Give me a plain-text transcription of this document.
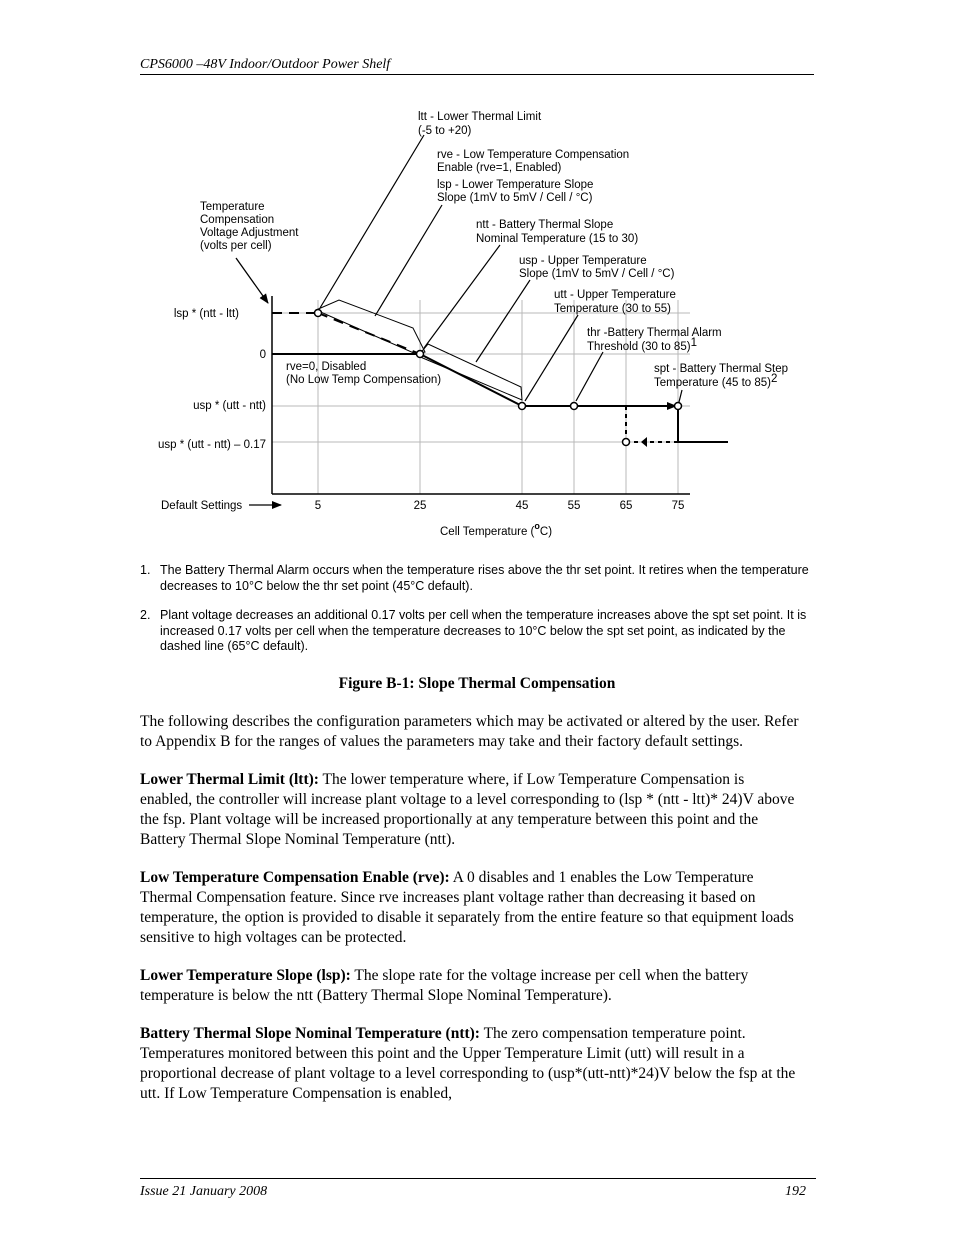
CPS6000 –48V Indoor/Outdoor Power Shelf
Temperature
Compensation
Voltage Adjustment
(volts per cell)
lsp * (ntt - ltt)
0
usp * (utt - ntt)
usp * (utt - ntt) – 0.17
5	25	45	55	65	75
Default Settings
Cell Temperature ($^o$C)
ltt - Lower Thermal Limit
(-5 to +20)
rve - Low Temperature Compensation
Enable (rve=1, Enabled)
lsp - Lower Temperature Slope
Slope (1mV to 5mV / Cell / °C)
ntt - Battery Thermal Slope
Nominal Temperature (15 to 30)
usp - Upper Temperature
Slope (1mV to 5mV / Cell / °C)
utt - Upper Temperature
Temperature (30 to 55)
thr -Battery Thermal Alarm
Threshold (30 to 85)1
spt - Battery Thermal Step
Temperature (45 to 85)2
rve=0, Disabled
(No Low Temp Compensation)
1. The Battery Thermal Alarm occurs when the temperature rises above the thr set point. It retires when the temperature decreases to 10°C below the thr set point (45°C default).
2. Plant voltage decreases an additional 0.17 volts per cell when the temperature increases above the spt set point. It is increased 0.17 volts per cell when the temperature decreases to 10°C below the spt set point, as indicated by the dashed line (65°C default).
Figure B-1: Slope Thermal Compensation

The following describes the configuration parameters which may be activated or altered by the user. Refer to Appendix B for the ranges of values the parameters may take and their factory default settings.

Lower Thermal Limit (ltt): The lower temperature where, if Low Temperature Compensation is enabled, the controller will increase plant voltage to a level corresponding to (lsp * (ntt - ltt)* 24)V above the fsp. Plant voltage will be increased proportionally at any temperature between this point and the Battery Thermal Slope Nominal Temperature (ntt).

Low Temperature Compensation Enable (rve): A 0 disables and 1 enables the Low Temperature Thermal Compensation feature. Since rve increases plant voltage rather than decreasing it based on temperature, the option is provided to disable it separately from the entire feature so that equipment loads sensitive to high voltages can be protected.

Lower Temperature Slope (lsp): The slope rate for the voltage increase per cell when the battery temperature is below the ntt (Battery Thermal Slope Nominal Temperature).

Battery Thermal Slope Nominal Temperature (ntt): The zero compensation temperature point. Temperatures monitored between this point and the Upper Temperature Limit (utt) will result in a proportional decrease of plant voltage to a level corresponding to (usp*(utt-ntt)*24)V below the fsp at the utt. If Low Temperature Compensation is enabled,

Issue 21 January 2008	192
